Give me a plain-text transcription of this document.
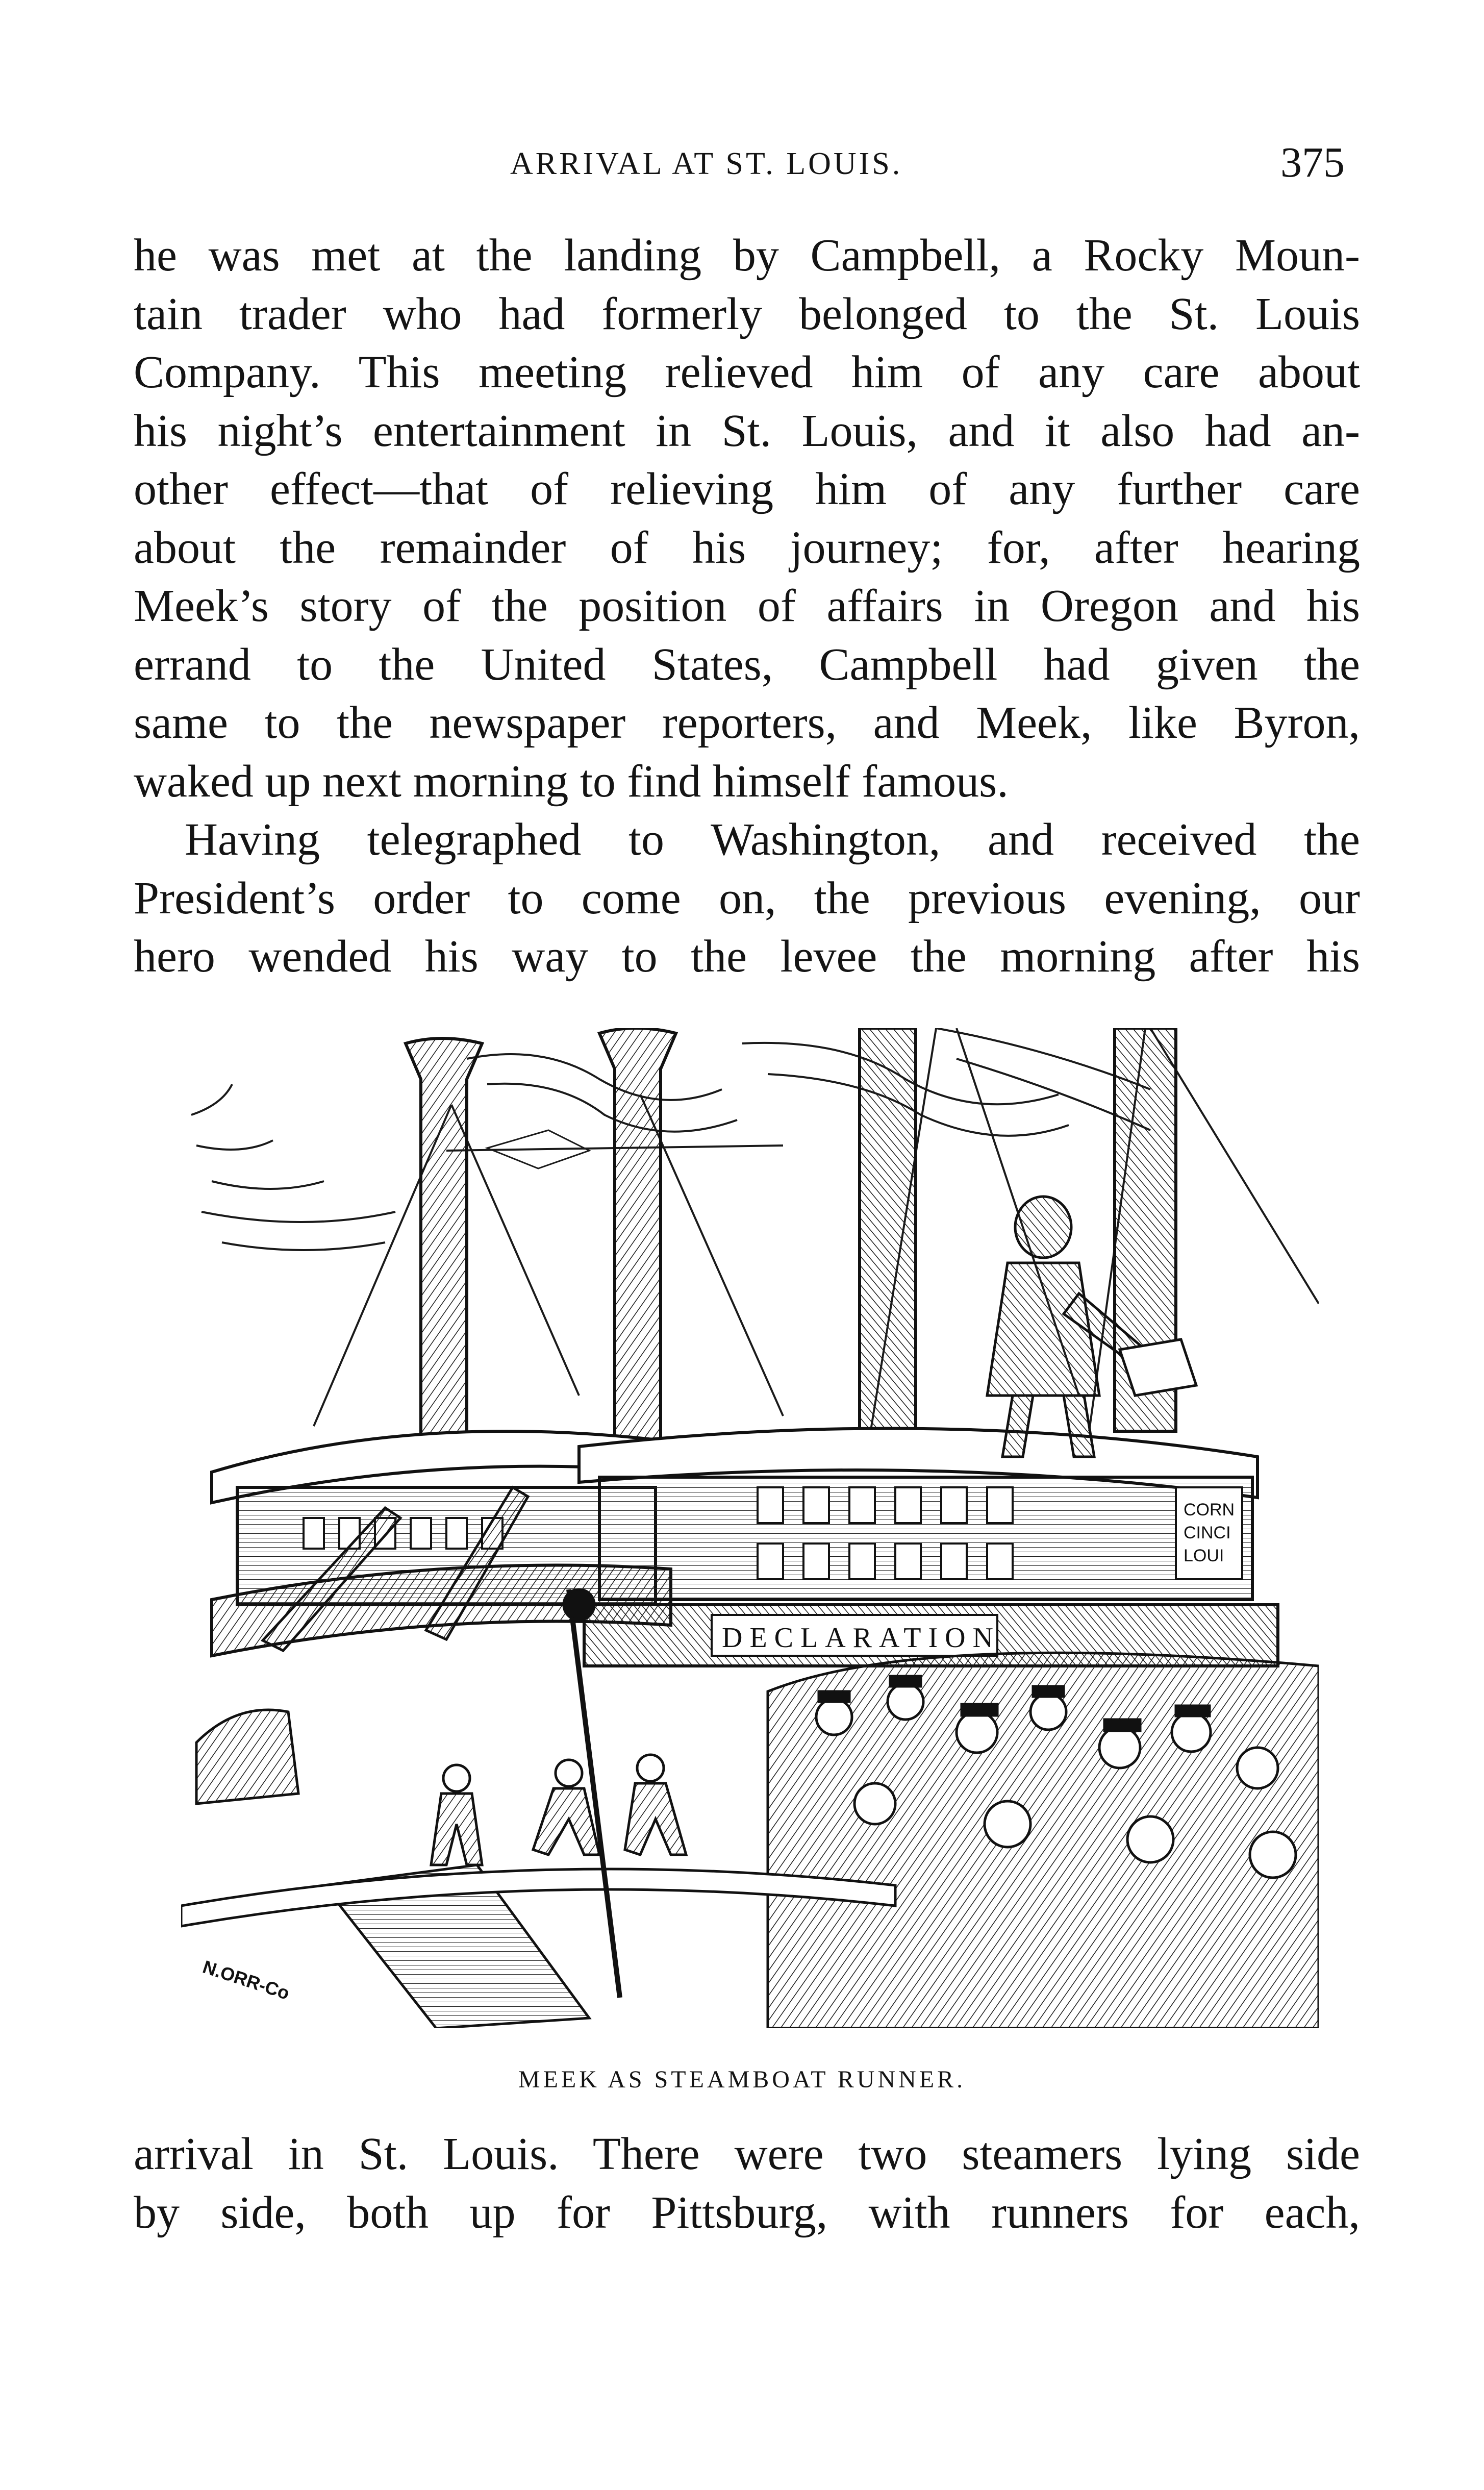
ARRIVAL AT ST. LOUIS.	375
he was met at the landing by Campbell, a Rocky Moun-
tain trader who had formerly belonged to the St. Louis
Company. This meeting relieved him of any care about
his night’s entertainment in St. Louis, and it also had an-
other effect—that of relieving him of any further care
about the remainder of his journey; for, after hearing
Meek’s story of the position of affairs in Oregon and his
errand to the United States, Campbell had given the
same to the newspaper reporters, and Meek, like Byron,
waked up next morning to find himself famous.
Having telegraphed to Washington, and received the
President’s order to come on, the previous evening, our
hero wended his way to the levee the morning after his
DECLARATION
CORN
CINCI
LOUI
N.ORR-Co
MEEK AS STEAMBOAT RUNNER.
arrival in St. Louis. There were two steamers lying side
by side, both up for Pittsburg, with runners for each,
